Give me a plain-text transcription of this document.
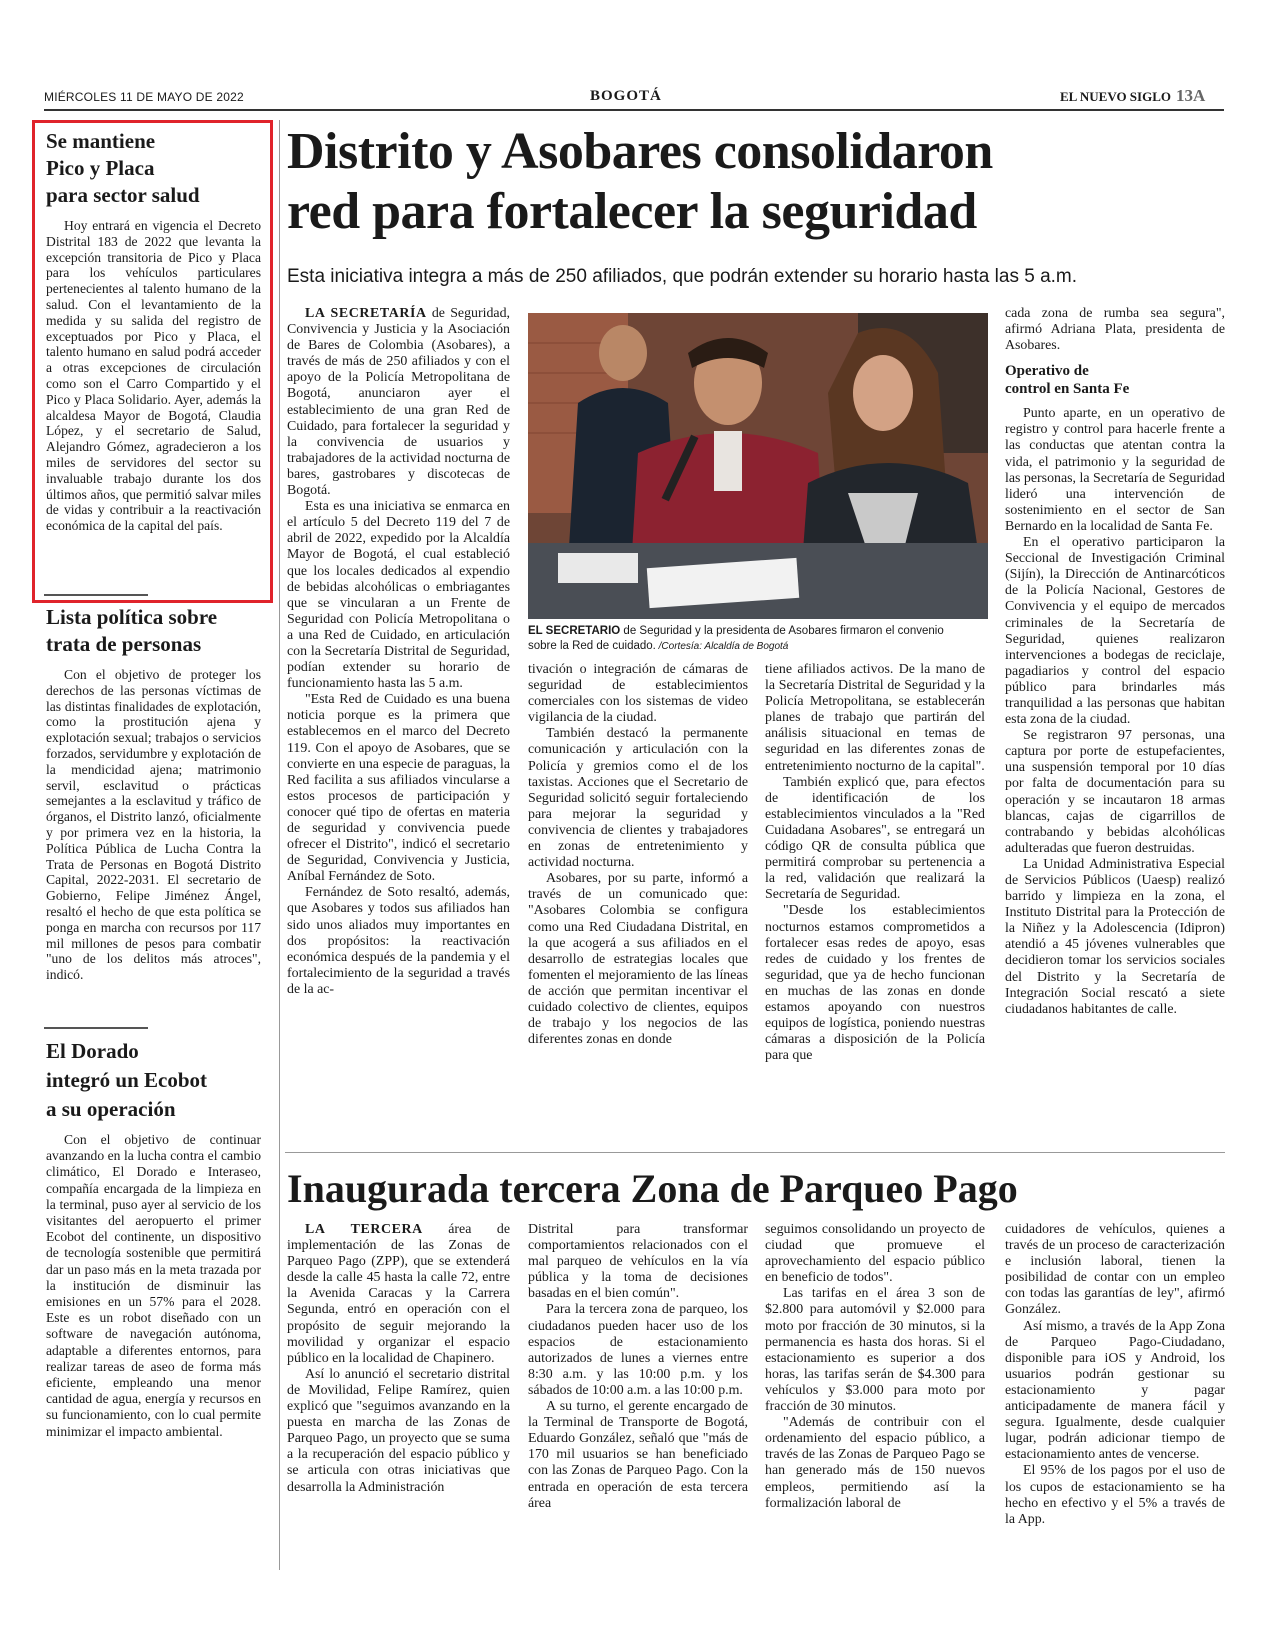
MIÉRCOLES 11 DE MAYO DE 2022	BOGOTÁ	EL NUEVO SIGLO 13A
Se mantiene
Pico y Placa
para sector salud

Hoy entrará en vigencia el Decreto Distrital 183 de 2022 que levanta la excepción transitoria de Pico y Placa para los vehículos particulares pertenecientes al talento humano de la salud. Con el levantamiento de la medida y su salida del registro de exceptuados por Pico y Placa, el talento humano en salud podrá acceder a otras excepciones de circulación como son el Carro Compartido y el Pico y Placa Solidario. Ayer, además la alcaldesa Mayor de Bogotá, Claudia López, y el secretario de Salud, Alejandro Gómez, agradecieron a los miles de servidores del sector su invaluable trabajo durante los dos últimos años, que permitió salvar miles de vidas y contribuir a la reactivación económica de la capital del país.

Lista política sobre
trata de personas

Con el objetivo de proteger los derechos de las personas víctimas de las distintas finalidades de explotación, como la prostitución ajena y explotación sexual; trabajos o servicios forzados, servidumbre y explotación de la mendicidad ajena; matrimonio servil, esclavitud o prácticas semejantes a la esclavitud y tráfico de órganos, el Distrito lanzó, oficialmente y por primera vez en la historia, la Política Pública de Lucha Contra la Trata de Personas en Bogotá Distrito Capital, 2022-2031. El secretario de Gobierno, Felipe Jiménez Ángel, resaltó el hecho de que esta política se ponga en marcha con recursos por 117 mil millones de pesos para combatir "uno de los delitos más atroces", indicó.

El Dorado
integró un Ecobot
a su operación

Con el objetivo de continuar avanzando en la lucha contra el cambio climático, El Dorado e Interaseo, compañía encargada de la limpieza en la terminal, puso ayer al servicio de los visitantes del aeropuerto el primer Ecobot del continente, un dispositivo de tecnología sostenible que permitirá dar un paso más en la meta trazada por la institución de disminuir las emisiones en un 57% para el 2028. Este es un robot diseñado con un software de navegación autónoma, adaptable a diferentes entornos, para realizar tareas de aseo de forma más eficiente, empleando una menor cantidad de agua, energía y recursos en su funcionamiento, con lo cual permite minimizar el impacto ambiental.

Distrito y Asobares consolidaron
red para fortalecer la seguridad

Esta iniciativa integra a más de 250 afiliados, que podrán extender su horario hasta las 5 a.m.

EL SECRETARIO de Seguridad y la presidenta de Asobares firmaron el convenio sobre la Red de cuidado. /Cortesía: Alcaldía de Bogotá

LA SECRETARÍA de Seguridad, Convivencia y Justicia y la Asociación de Bares de Colombia (Asobares), a través de más de 250 afiliados y con el apoyo de la Policía Metropolitana de Bogotá, anunciaron ayer el establecimiento de una gran Red de Cuidado, para fortalecer la seguridad y la convivencia de usuarios y trabajadores de la actividad nocturna de bares, gastrobares y discotecas de Bogotá.

Esta es una iniciativa se enmarca en el artículo 5 del Decreto 119 del 7 de abril de 2022, expedido por la Alcaldía Mayor de Bogotá, el cual estableció que los locales dedicados al expendio de bebidas alcohólicas o embriagantes que se vincularan a un Frente de Seguridad con Policía Metropolitana o a una Red de Cuidado, en articulación con la Secretaría Distrital de Seguridad, podían extender su horario de funcionamiento hasta las 5 a.m.

"Esta Red de Cuidado es una buena noticia porque es la primera que establecemos en el marco del Decreto 119. Con el apoyo de Asobares, que se convierte en una especie de paraguas, la Red facilita a sus afiliados vincularse a estos procesos de participación y conocer qué tipo de ofertas en materia de seguridad y convivencia puede ofrecer el Distrito", indicó el secretario de Seguridad, Convivencia y Justicia, Aníbal Fernández de Soto.

Fernández de Soto resaltó, además, que Asobares y todos sus afiliados han sido unos aliados muy importantes en dos propósitos: la reactivación económica después de la pandemia y el fortalecimiento de la seguridad a través de la ac-

tivación o integración de cámaras de seguridad de establecimientos comerciales con los sistemas de video vigilancia de la ciudad.

También destacó la permanente comunicación y articulación con la Policía y gremios como el de los taxistas. Acciones que el Secretario de Seguridad solicitó seguir fortaleciendo para mejorar la seguridad y convivencia de clientes y trabajadores en zonas de entretenimiento y actividad nocturna.

Asobares, por su parte, informó a través de un comunicado que: "Asobares Colombia se configura como una Red Ciudadana Distrital, en la que acogerá a sus afiliados en el desarrollo de estrategias locales que fomenten el mejoramiento de las líneas de acción que permitan incentivar el cuidado colectivo de clientes, equipos de trabajo y los negocios de las diferentes zonas en donde

tiene afiliados activos. De la mano de la Secretaría Distrital de Seguridad y la Policía Metropolitana, se establecerán planes de trabajo que partirán del análisis situacional en temas de seguridad en las diferentes zonas de entretenimiento nocturno de la capital".

También explicó que, para efectos de identificación de los establecimientos vinculados a la "Red Cuidadana Asobares", se entregará un código QR de consulta pública que permitirá comprobar su pertenencia a la red, validación que realizará la Secretaría de Seguridad.

"Desde los establecimientos nocturnos estamos comprometidos a fortalecer esas redes de apoyo, esas redes de cuidado y los frentes de seguridad, que ya de hecho funcionan en muchas de las zonas en donde estamos apoyando con nuestros equipos de logística, poniendo nuestras cámaras a disposición de la Policía para que

cada zona de rumba sea segura", afirmó Adriana Plata, presidenta de Asobares.

Operativo de
control en Santa Fe

Punto aparte, en un operativo de registro y control para hacerle frente a las conductas que atentan contra la vida, el patrimonio y la seguridad de las personas, la Secretaría de Seguridad lideró una intervención de sostenimiento en el sector de San Bernardo en la localidad de Santa Fe.

En el operativo participaron la Seccional de Investigación Criminal (Sijín), la Dirección de Antinarcóticos de la Policía Nacional, Gestores de Convivencia y el equipo de mercados criminales de la Secretaría de Seguridad, quienes realizaron intervenciones a bodegas de reciclaje, pagadiarios y control del espacio público para brindarles más tranquilidad a las personas que habitan esta zona de la ciudad.

Se registraron 97 personas, una captura por porte de estupefacientes, una suspensión temporal por 10 días por falta de documentación para su operación y se incautaron 18 armas blancas, cajas de cigarrillos de contrabando y bebidas alcohólicas adulteradas que fueron destruidas.

La Unidad Administrativa Especial de Servicios Públicos (Uaesp) realizó barrido y limpieza en la zona, el Instituto Distrital para la Protección de la Niñez y la Adolescencia (Idipron) atendió a 45 jóvenes vulnerables que decidieron tomar los servicios sociales del Distrito y la Secretaría de Integración Social rescató a siete ciudadanos habitantes de calle.

Inaugurada tercera Zona de Parqueo Pago

LA TERCERA área de implementación de las Zonas de Parqueo Pago (ZPP), que se extenderá desde la calle 45 hasta la calle 72, entre la Avenida Caracas y la Carrera Segunda, entró en operación con el propósito de seguir mejorando la movilidad y organizar el espacio público en la localidad de Chapinero.

Así lo anunció el secretario distrital de Movilidad, Felipe Ramírez, quien explicó que "seguimos avanzando en la puesta en marcha de las Zonas de Parqueo Pago, un proyecto que se suma a la recuperación del espacio público y se articula con otras iniciativas que desarrolla la Administración

Distrital para transformar comportamientos relacionados con el mal parqueo de vehículos en la vía pública y la toma de decisiones basadas en el bien común".

Para la tercera zona de parqueo, los ciudadanos pueden hacer uso de los espacios de estacionamiento autorizados de lunes a viernes entre 8:30 a.m. y las 10:00 p.m. y los sábados de 10:00 a.m. a las 10:00 p.m.

A su turno, el gerente encargado de la Terminal de Transporte de Bogotá, Eduardo González, señaló que "más de 170 mil usuarios se han beneficiado con las Zonas de Parqueo Pago. Con la entrada en operación de esta tercera área

seguimos consolidando un proyecto de ciudad que promueve el aprovechamiento del espacio público en beneficio de todos".

Las tarifas en el área 3 son de $2.800 para automóvil y $2.000 para moto por fracción de 30 minutos, si la permanencia es hasta dos horas. Si el estacionamiento es superior a dos horas, las tarifas serán de $4.300 para vehículos y $3.000 para moto por fracción de 30 minutos.

"Además de contribuir con el ordenamiento del espacio público, a través de las Zonas de Parqueo Pago se han generado más de 150 nuevos empleos, permitiendo así la formalización laboral de

cuidadores de vehículos, quienes a través de un proceso de caracterización e inclusión laboral, tienen la posibilidad de contar con un empleo con todas las garantías de ley", afirmó González.

Así mismo, a través de la App Zona de Parqueo Pago-Ciudadano, disponible para iOS y Android, los usuarios podrán gestionar su estacionamiento y pagar anticipadamente de manera fácil y segura. Igualmente, desde cualquier lugar, podrán adicionar tiempo de estacionamiento antes de vencerse.

El 95% de los pagos por el uso de los cupos de estacionamiento se ha hecho en efectivo y el 5% a través de la App.
